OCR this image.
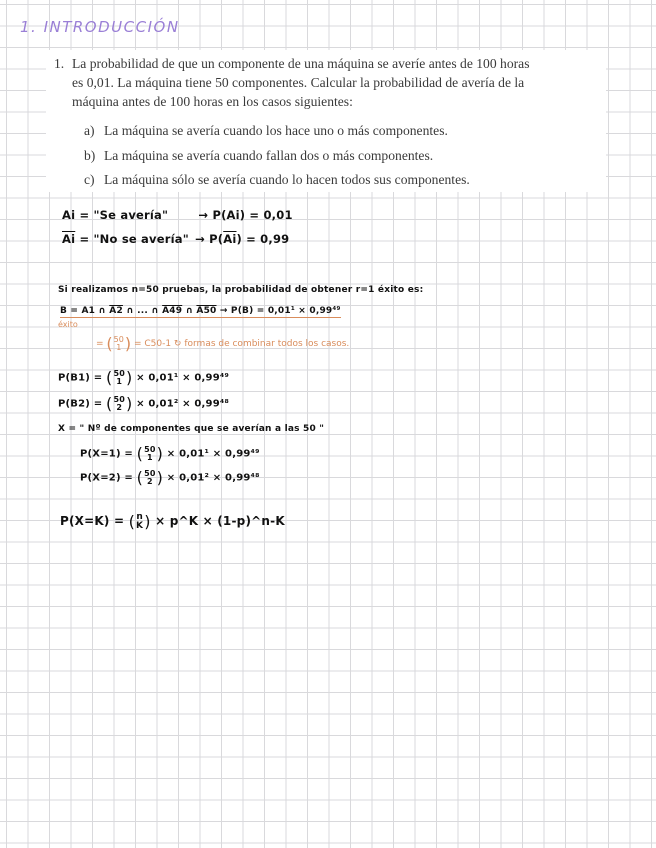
1. INTRODUCCIÓN
1. La probabilidad de que un componente de una máquina se averíe antes de 100 horas
es 0,01. La máquina tiene 50 componentes. Calcular la probabilidad de avería de la
máquina antes de 100 horas en los casos siguientes:
a) La máquina se avería cuando los hace uno o más componentes.
b) La máquina se avería cuando fallan dos o más componentes.
c) La máquina sólo se avería cuando lo hacen todos sus componentes.
Ai = "Se avería"	→ P(Ai) = 0,01
$\overline{Ai}$ = "No se avería" → $P(\overline{Ai}) = 0,99$
Si realizamos n=50 pruebas, la probabilidad de obtener r=1 éxito es:
B = A1 ∩ A2 ∩ ... ∩ A49 ∩ A50 → P(B) = 0,01¹ × 0,99⁴⁹
éxito
= ( 50
1 ) = C50-1 ↻ formas de combinar todos los casos.
P(B1) = ( 50
1 ) × 0,01¹ × 0,99⁴⁹
P(B2) = ( 50
2 ) × 0,01² × 0,99⁴⁸
X = " Nº de componentes que se averían a las 50 "
P(X=1) = ( 50
1 ) × 0,01¹ × 0,99⁴⁹
P(X=2) = ( 50
2 ) × 0,01² × 0,99⁴⁸
P(X=K) = ( n
K ) × p^K × (1-p)^n-K
